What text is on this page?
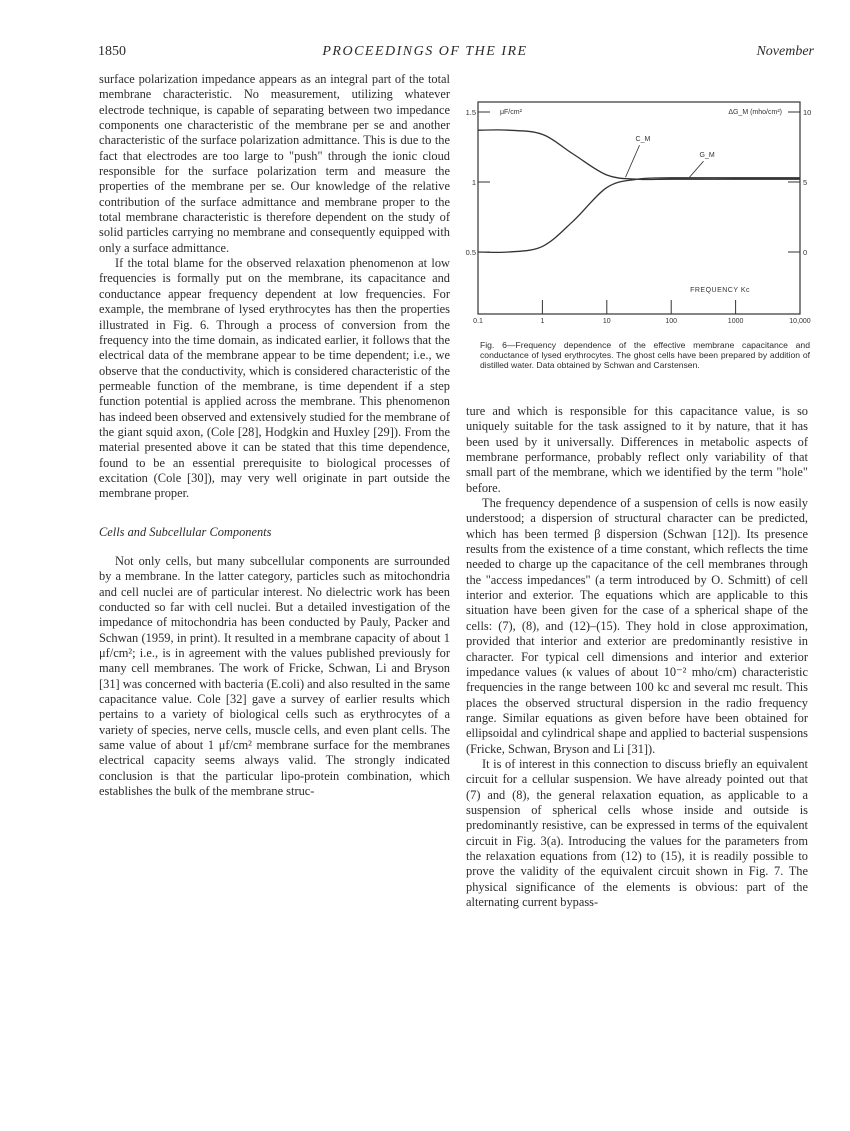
1850	PROCEEDINGS OF THE IRE	November

surface polarization impedance appears as an integral part of the total membrane characteristic. No measurement, utilizing whatever electrode technique, is capable of separating between two impedance components one characteristic of the membrane per se and another characteristic of the surface polarization admittance. This is due to the fact that electrodes are too large to "push" through the ionic cloud responsible for the surface polarization term and measure the properties of the membrane per se. Our knowledge of the relative contribution of the surface admittance and membrane proper to the total membrane characteristic is therefore dependent on the study of solid particles carrying no membrane and consequently equipped with only a surface admittance.

If the total blame for the observed relaxation phenomenon at low frequencies is formally put on the membrane, its capacitance and conductance appear frequency dependent at low frequencies. For example, the membrane of lysed erythrocytes has then the properties illustrated in Fig. 6. Through a process of conversion from the frequency into the time domain, as indicated earlier, it follows that the electrical data of the membrane appear to be time dependent; i.e., we observe that the conductivity, which is considered characteristic of the permeable function of the membrane, is time dependent if a step function potential is applied across the membrane. This phenomenon has indeed been observed and extensively studied for the membrane of the giant squid axon, (Cole [28], Hodgkin and Huxley [29]). From the material presented above it can be stated that this time dependence, found to be an essential prerequisite to biological processes of excitation (Cole [30]), may very well originate in part outside the membrane proper.

Cells and Subcellular Components

Not only cells, but many subcellular components are surrounded by a membrane. In the latter category, particles such as mitochondria and cell nuclei are of particular interest. No dielectric work has been conducted so far with cell nuclei. But a detailed investigation of the impedance of mitochondria has been conducted by Pauly, Packer and Schwan (1959, in print). It resulted in a membrane capacity of about 1 μf/cm²; i.e., is in agreement with the values published previously for many cell membranes. The work of Fricke, Schwan, Li and Bryson [31] was concerned with bacteria (E.coli) and also resulted in the same capacitance value. Cole [32] gave a survey of earlier results which pertains to a variety of biological cells such as erythrocytes of a variety of species, nerve cells, muscle cells, and even plant cells. The same value of about 1 μf/cm² membrane surface for the membranes electrical capacity seems always valid. The strongly indicated conclusion is that the particular lipo-protein combination, which establishes the bulk of the membrane struc-

0.5
1
1.5
0
5
10
0.1	1	10	100	1000	10,000
μF/cm²	ΔG_M (mho/cm²)
FREQUENCY Kc
C_M
G_M
Fig. 6—Frequency dependence of the effective membrane capacitance and conductance of lysed erythrocytes. The ghost cells have been prepared by addition of distilled water. Data obtained by Schwan and Carstensen.

ture and which is responsible for this capacitance value, is so uniquely suitable for the task assigned to it by nature, that it has been used by it universally. Differences in metabolic aspects of membrane performance, probably reflect only variability of that small part of the membrane, which we identified by the term "hole" before.

The frequency dependence of a suspension of cells is now easily understood; a dispersion of structural character can be predicted, which has been termed β dispersion (Schwan [12]). Its presence results from the existence of a time constant, which reflects the time needed to charge up the capacitance of the cell membranes through the "access impedances" (a term introduced by O. Schmitt) of cell interior and exterior. The equations which are applicable to this situation have been given for the case of a spherical shape of the cells: (7), (8), and (12)–(15). They hold in close approximation, provided that interior and exterior are predominantly resistive in character. For typical cell dimensions and interior and exterior impedance values (κ values of about 10⁻² mho/cm) characteristic frequencies in the range between 100 kc and several mc result. This places the observed structural dispersion in the radio frequency range. Similar equations as given before have been obtained for ellipsoidal and cylindrical shape and applied to bacterial suspensions (Fricke, Schwan, Bryson and Li [31]).

It is of interest in this connection to discuss briefly an equivalent circuit for a cellular suspension. We have already pointed out that (7) and (8), the general relaxation equation, as applicable to a suspension of spherical cells whose inside and outside is predominantly resistive, can be expressed in terms of the equivalent circuit in Fig. 3(a). Introducing the values for the parameters from the relaxation equations from (12) to (15), it is readily possible to prove the validity of the equivalent circuit shown in Fig. 7. The physical significance of the elements is obvious: part of the alternating current bypass-
